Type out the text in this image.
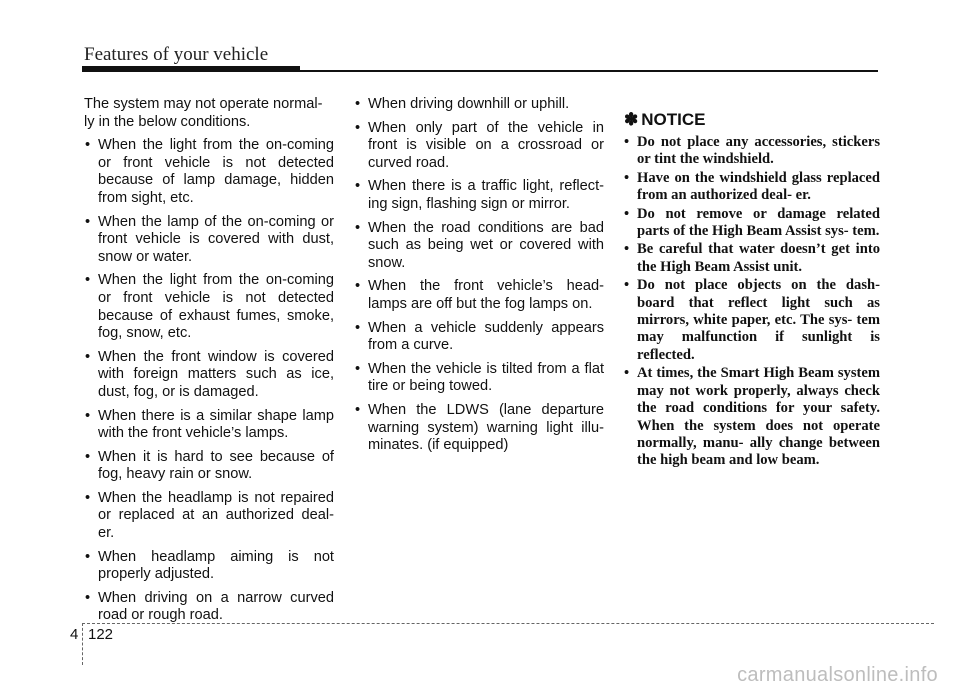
Features of your vehicle

The system may not operate normal- ly in the below conditions.

• When the light from the on-coming or front vehicle is not detected because of lamp damage, hidden from sight, etc.
• When the lamp of the on-coming or front vehicle is covered with dust, snow or water.
• When the light from the on-coming or front vehicle is not detected because of exhaust fumes, smoke, fog, snow, etc.
• When the front window is covered with foreign matters such as ice, dust, fog, or is damaged.
• When there is a similar shape lamp with the front vehicle’s lamps.
• When it is hard to see because of fog, heavy rain or snow.
• When the headlamp is not repaired or replaced at an authorized deal- er.
• When headlamp aiming is not properly adjusted.
• When driving on a narrow curved road or rough road.
• When driving downhill or uphill.
• When only part of the vehicle in front is visible on a crossroad or curved road.
• When there is a traffic light, reflect- ing sign, flashing sign or mirror.
• When the road conditions are bad such as being wet or covered with snow.
• When the front vehicle’s head- lamps are off but the fog lamps on.
• When a vehicle suddenly appears from a curve.
• When the vehicle is tilted from a flat tire or being towed.
• When the LDWS (lane departure warning system) warning light illu- minates. (if equipped)
✽ NOTICE
• Do not place any accessories, stickers or tint the windshield.
• Have on the windshield glass replaced from an authorized deal- er.
• Do not remove or damage related parts of the High Beam Assist sys- tem.
• Be careful that water doesn’t get into the High Beam Assist unit.
• Do not place objects on the dash- board that reflect light such as mirrors, white paper, etc. The sys- tem may malfunction if sunlight is reflected.
• At times, the Smart High Beam system may not work properly, always check the road conditions for your safety. When the system does not operate normally, manu- ally change between the high beam and low beam.
4 122
carmanualsonline.info
